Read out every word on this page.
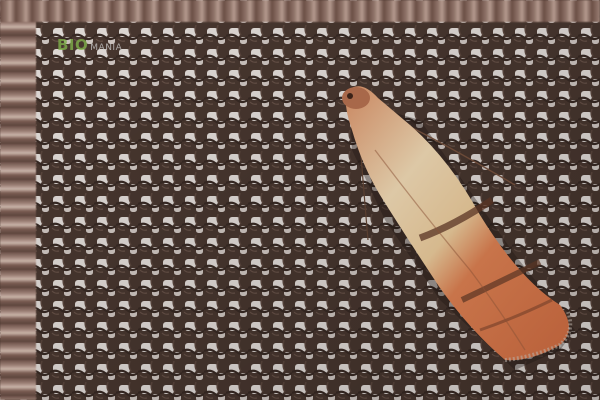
BIO MANIA
